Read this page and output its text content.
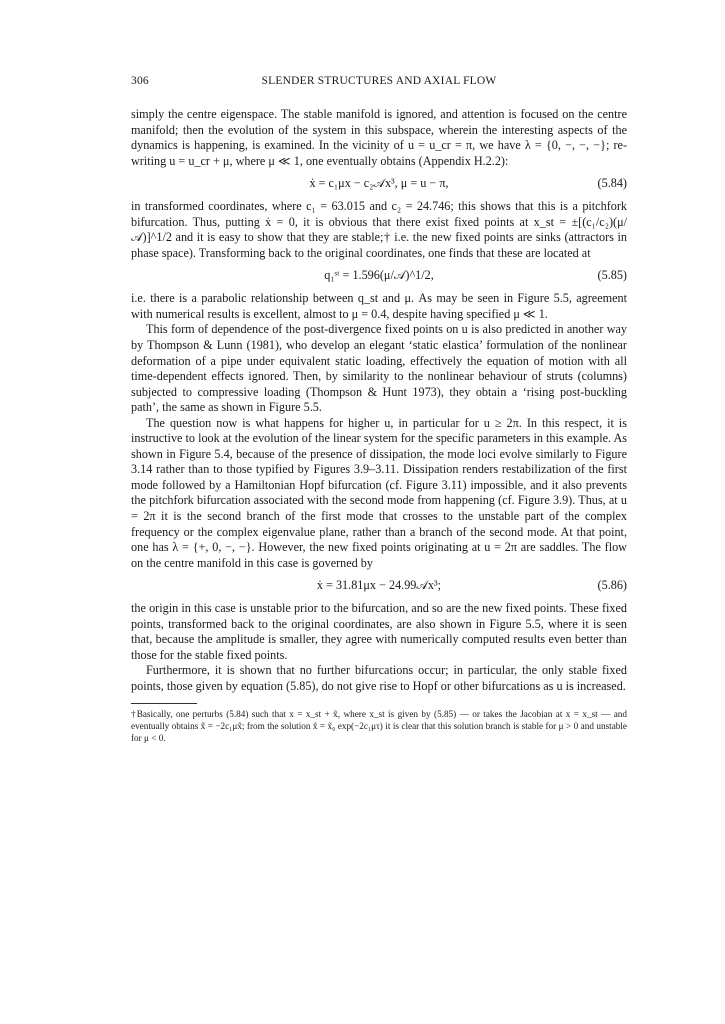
306	SLENDER STRUCTURES AND AXIAL FLOW

simply the centre eigenspace. The stable manifold is ignored, and attention is focused on the centre manifold; then the evolution of the system in this subspace, wherein the interesting aspects of the dynamics is happening, is examined. In the vicinity of u = u_cr = π, we have λ = {0, −, −, −}; re-writing u = u_cr + μ, where μ ≪ 1, one eventually obtains (Appendix H.2.2):

ẋ = c₁μx − c₂𝒜x³, μ = u − π,	(5.84)

in transformed coordinates, where c₁ = 63.015 and c₂ = 24.746; this shows that this is a pitchfork bifurcation. Thus, putting ẋ = 0, it is obvious that there exist fixed points at x_st = ±[(c₁/c₂)(μ/𝒜)]^1/2 and it is easy to show that they are stable;† i.e. the new fixed points are sinks (attractors in phase space). Transforming back to the original coordinates, one finds that these are located at

q₁ˢᵗ = 1.596(μ/𝒜)^1/2,	(5.85)

i.e. there is a parabolic relationship between q_st and μ. As may be seen in Figure 5.5, agreement with numerical results is excellent, almost to μ = 0.4, despite having specified μ ≪ 1.

This form of dependence of the post-divergence fixed points on u is also predicted in another way by Thompson & Lunn (1981), who develop an elegant ‘static elastica’ formulation of the nonlinear deformation of a pipe under equivalent static loading, effectively the equation of motion with all time-dependent effects ignored. Then, by similarity to the nonlinear behaviour of struts (columns) subjected to compressive loading (Thompson & Hunt 1973), they obtain a ‘rising post-buckling path’, the same as shown in Figure 5.5.

The question now is what happens for higher u, in particular for u ≥ 2π. In this respect, it is instructive to look at the evolution of the linear system for the specific parameters in this example. As shown in Figure 5.4, because of the presence of dissipation, the mode loci evolve similarly to Figure 3.14 rather than to those typified by Figures 3.9–3.11. Dissipation renders restabilization of the first mode followed by a Hamiltonian Hopf bifurcation (cf. Figure 3.11) impossible, and it also prevents the pitchfork bifurcation associated with the second mode from happening (cf. Figure 3.9). Thus, at u = 2π it is the second branch of the first mode that crosses to the unstable part of the complex frequency or the complex eigenvalue plane, rather than a branch of the second mode. At that point, one has λ = {+, 0, −, −}. However, the new fixed points originating at u = 2π are saddles. The flow on the centre manifold in this case is governed by

ẋ = 31.81μx − 24.99𝒜x³;	(5.86)

the origin in this case is unstable prior to the bifurcation, and so are the new fixed points. These fixed points, transformed back to the original coordinates, are also shown in Figure 5.5, where it is seen that, because the amplitude is smaller, they agree with numerically computed results even better than those for the stable fixed points.

Furthermore, it is shown that no further bifurcations occur; in particular, the only stable fixed points, those given by equation (5.85), do not give rise to Hopf or other bifurcations as u is increased.

†Basically, one perturbs (5.84) such that x = x_st + x̃, where x_st is given by (5.85) — or takes the Jacobian at x = x_st — and eventually obtains x̃̇ = −2c₁μx̃; from the solution x̃ = x̃₀ exp(−2c₁μτ) it is clear that this solution branch is stable for μ > 0 and unstable for μ < 0.
